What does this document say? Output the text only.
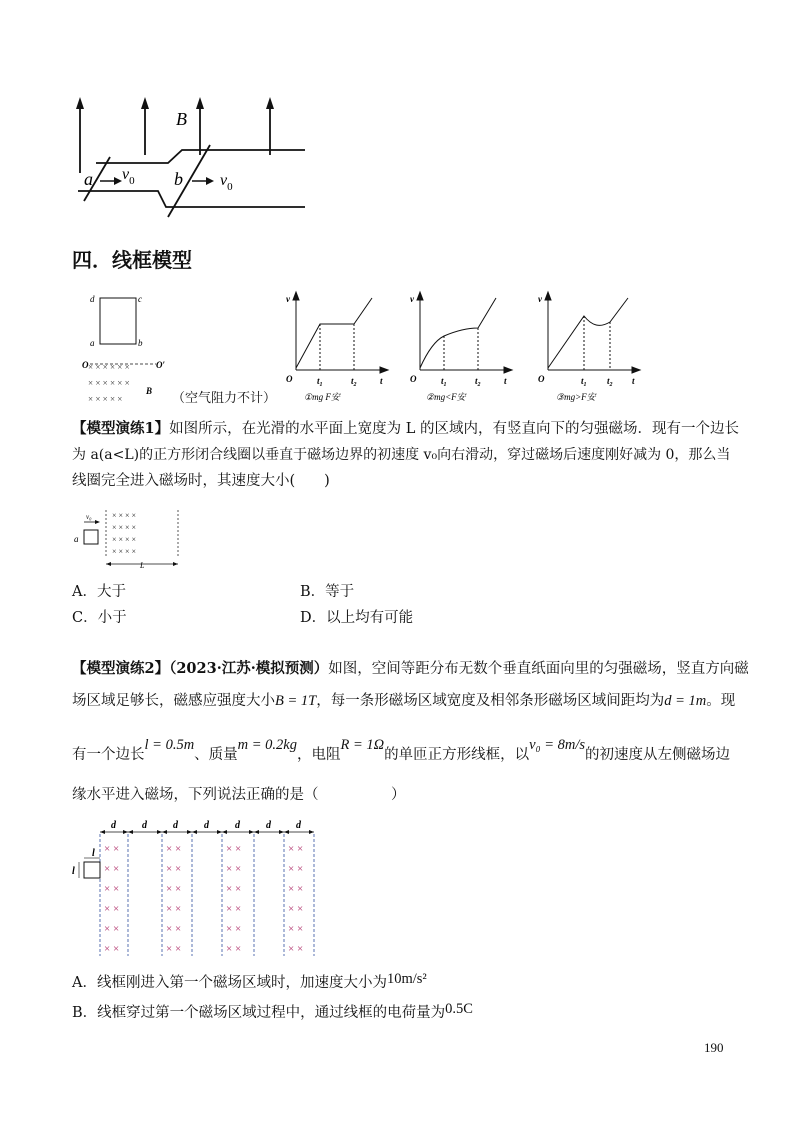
B
a	b
$v_0$	$v_0$
四．线框模型
d	c
a	b
O	O′
× × × × × ×
× × × × × ×
× × × × ×
B （空气阻力不计）
v
t
O	$t_1$	$t_2$
①mg F安
v
t
O	$t_1$	$t_2$
②mg<F安
v
t
O	$t_1$ $t_2$
③mg>F安
【模型演练1】如图所示，在光滑的水平面上宽度为 L 的区域内，有竖直向下的匀强磁场．现有一个边长
为 a(a<L)的正方形闭合线圈以垂直于磁场边界的初速度 v₀向右滑动，穿过磁场后速度刚好减为 0，那么当
线圈完全进入磁场时，其速度大小(　　)
v₀
a
× × × ×
× × × ×
× × × ×
× × × ×
L
A．大于	B．等于
C．小于	D．以上均有可能
【模型演练2】（2023·江苏·模拟预测）如图，空间等距分布无数个垂直纸面向里的匀强磁场，竖直方向磁
场区域足够长，磁感应强度大小B = 1T，每一条形磁场区域宽度及相邻条形磁场区域间距均为d = 1m。现
有一个边长l = 0.5m、质量m = 0.2kg，电阻R = 1Ω的单匝正方形线框，以v₀ = 8m/s的初速度从左侧磁场边
缘水平进入磁场，下列说法正确的是（　　　　　）
d	d	d	d	d	d	d
× ×
× ×
× ×
× ×
× ×
× ×
× ×
× ×
× ×
× ×
× ×
× ×
× ×
× ×
× ×
× ×
× ×
× ×
× ×
× ×
× ×
× ×
× ×
× ×
l
l
A．线框刚进入第一个磁场区域时，加速度大小为10m/s²
B．线框穿过第一个磁场区域过程中，通过线框的电荷量为0.5C
190
